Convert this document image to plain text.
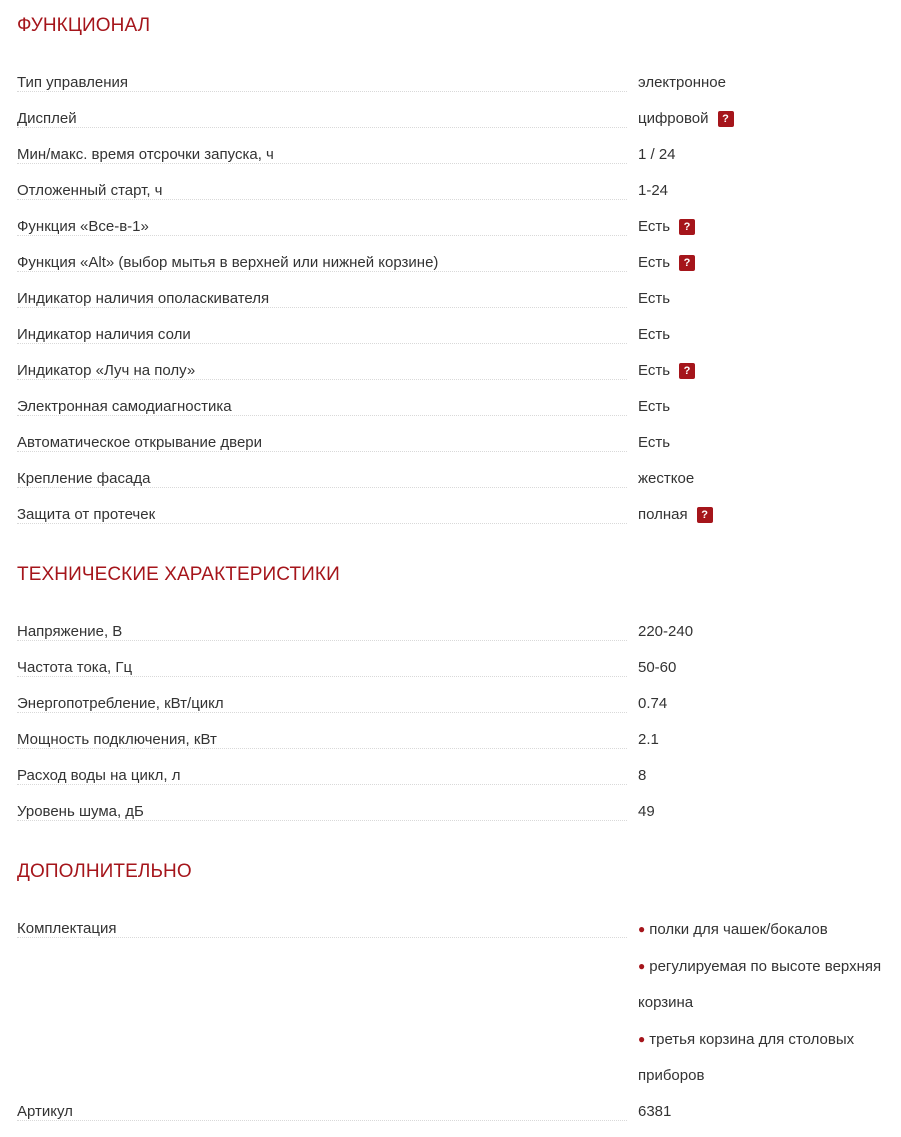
ФУНКЦИОНАЛ
Тип управления	электронное
Дисплей	цифровой ?
Мин/макс. время отсрочки запуска, ч	1 / 24
Отложенный старт, ч	1-24
Функция «Все-в-1»	Есть ?
Функция «Alt» (выбор мытья в верхней или нижней корзине)	Есть ?
Индикатор наличия ополаскивателя	Есть
Индикатор наличия соли	Есть
Индикатор «Луч на полу»	Есть ?
Электронная самодиагностика	Есть
Автоматическое открывание двери	Есть
Крепление фасада	жесткое
Защита от протечек	полная ?
ТЕХНИЧЕСКИЕ ХАРАКТЕРИСТИКИ
Напряжение, В	220-240
Частота тока, Гц	50-60
Энергопотребление, кВт/цикл	0.74
Мощность подключения, кВт	2.1
Расход воды на цикл, л	8
Уровень шума, дБ	49
ДОПОЛНИТЕЛЬНО
Комплектация	● полки для чашек/бокалов
● регулируемая по высоте верхняя корзина
● третья корзина для столовых приборов
Артикул	6381
